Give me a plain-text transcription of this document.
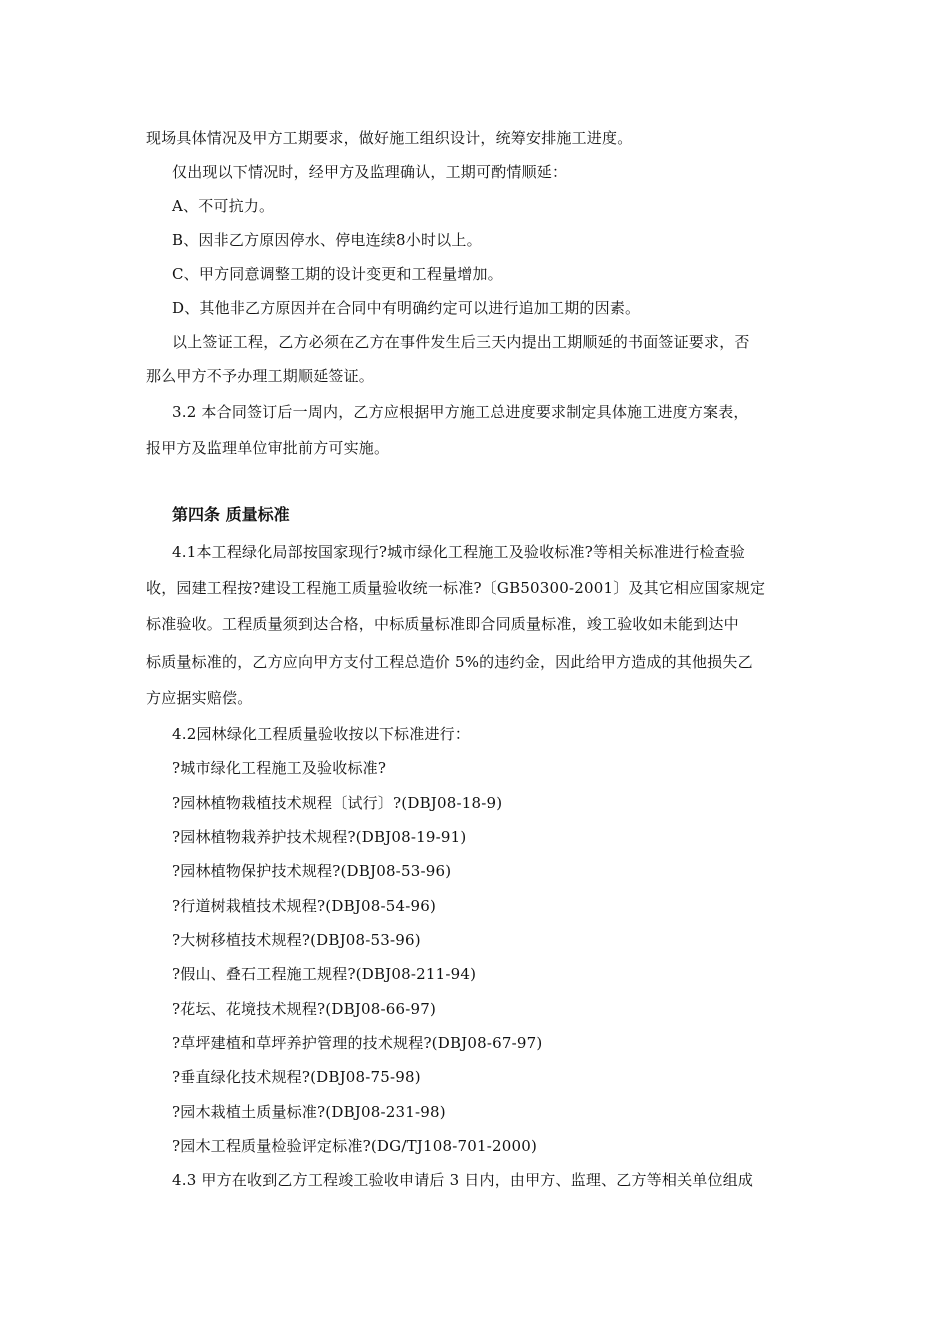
现场具体情况及甲方工期要求，做好施工组织设计，统筹安排施工进度。
仅出现以下情况时，经甲方及监理确认，工期可酌情顺延：
A、不可抗力。
B、因非乙方原因停水、停电连续8小时以上。
C、甲方同意调整工期的设计变更和工程量增加。
D、其他非乙方原因并在合同中有明确约定可以进行追加工期的因素。
以上签证工程，乙方必须在乙方在事件发生后三天内提出工期顺延的书面签证要求，否
那么甲方不予办理工期顺延签证。
3.2 本合同签订后一周内，乙方应根据甲方施工总进度要求制定具体施工进度方案表，
报甲方及监理单位审批前方可实施。
第四条 质量标准
4.1本工程绿化局部按国家现行?城市绿化工程施工及验收标准?等相关标准进行检查验
收，园建工程按?建设工程施工质量验收统一标准?〔GB50300-2001〕及其它相应国家规定
标准验收。工程质量须到达合格，中标质量标准即合同质量标准，竣工验收如未能到达中
标质量标准的，乙方应向甲方支付工程总造价 5%的违约金，因此给甲方造成的其他损失乙
方应据实赔偿。
4.2园林绿化工程质量验收按以下标准进行：
?城市绿化工程施工及验收标准?
?园林植物栽植技术规程〔试行〕?(DBJ08-18-9)
?园林植物栽养护技术规程?(DBJ08-19-91)
?园林植物保护技术规程?(DBJ08-53-96)
?行道树栽植技术规程?(DBJ08-54-96)
?大树移植技术规程?(DBJ08-53-96)
?假山、叠石工程施工规程?(DBJ08-211-94)
?花坛、花境技术规程?(DBJ08-66-97)
?草坪建植和草坪养护管理的技术规程?(DBJ08-67-97)
?垂直绿化技术规程?(DBJ08-75-98)
?园木栽植土质量标准?(DBJ08-231-98)
?园木工程质量检验评定标准?(DG/TJ108-701-2000)
4.3 甲方在收到乙方工程竣工验收申请后 3 日内，由甲方、监理、乙方等相关单位组成
